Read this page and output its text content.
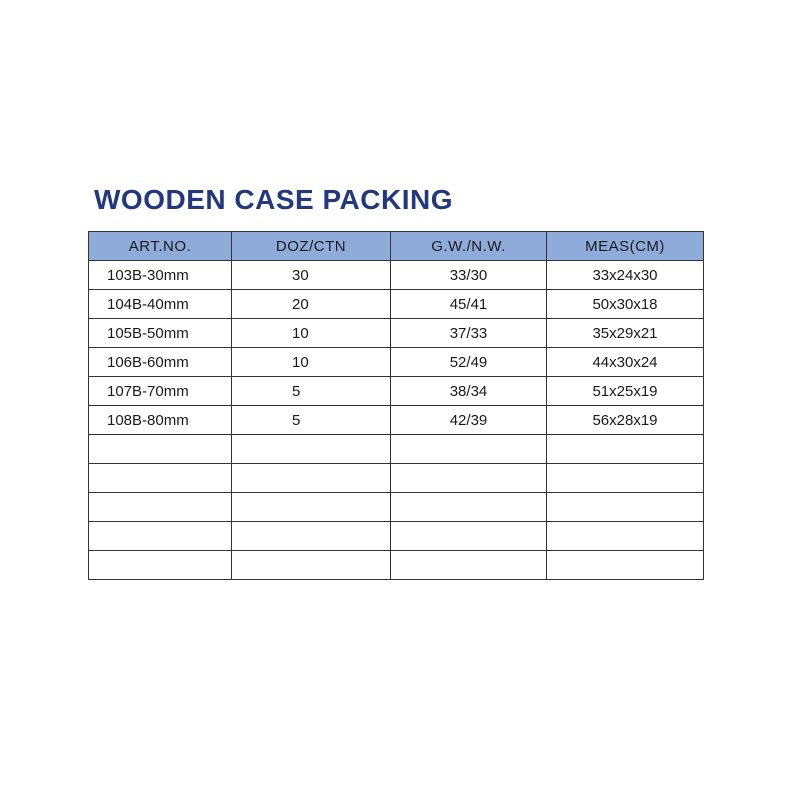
WOODEN CASE PACKING
ART.NO.	DOZ/CTN	G.W./N.W.	MEAS(CM)
103B-30mm	30	33/30	33x24x30
104B-40mm	20	45/41	50x30x18
105B-50mm	10	37/33	35x29x21
106B-60mm	10	52/49	44x30x24
107B-70mm	5	38/34	51x25x19
108B-80mm	5	42/39	56x28x19
